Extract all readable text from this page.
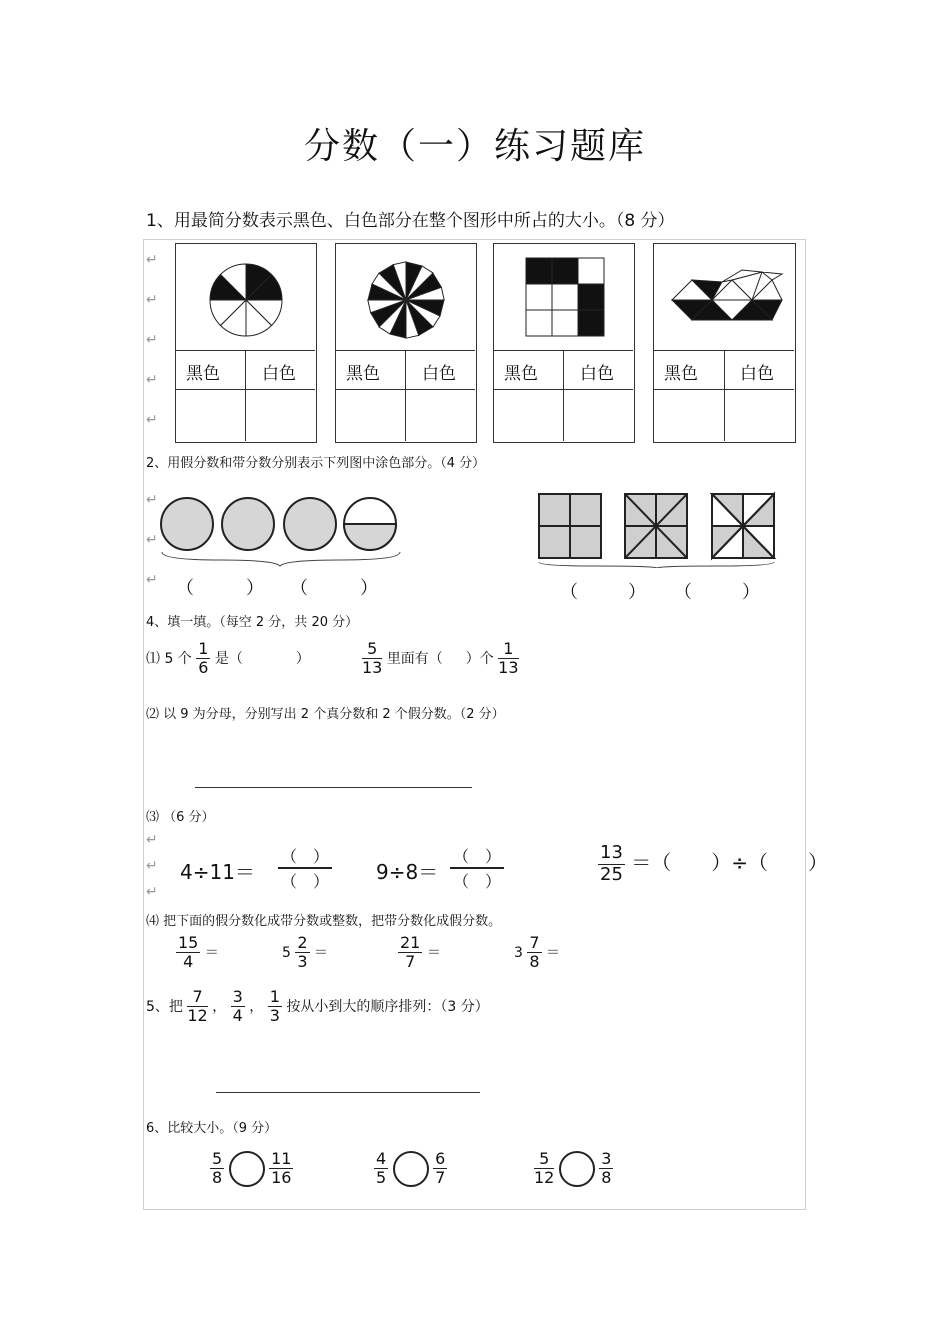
分数（一）练习题库
1、用最简分数表示黑色、白色部分在整个图形中所占的大小。（8 分）
↵
↵
↵
↵
↵
黑色 白色	黑色 白色	黑色 白色	黑色 白色
2、用假分数和带分数分别表示下列图中涂色部分。（4 分）
↵
↵
↵ （	） （	）	（	） （	）
4、填一填。（每空 2 分，共 20 分）
⑴ 5 个 $\frac{1}{6}$ 是（	）	$\frac{5}{13}$ 里面有（ ）个 $\frac{1}{13}$
⑵ 以 9 为分母，分别写出 2 个真分数和 2 个假分数。（2 分）
⑶ （6 分）
↵
↵
↵
4÷11＝
（　）
（　） 9÷8＝
（　）
（　）	$\frac{13}{25}$ ＝（　　）÷（　　）
⑷ 把下面的假分数化成带分数或整数，把带分数化成假分数。
$\frac{15}{4}$ ＝	$5 \frac{2}{3}$ ＝	$\frac{21}{7}$ ＝	$3 \frac{7}{8}$ ＝
5、把 $\frac{7}{12}$ ， $\frac{3}{4}$ ， $\frac{1}{3}$ 按从小到大的顺序排列：（3 分）
6、比较大小。（9 分）
$\frac{5}{8}$
	$\frac{11}{16}$	$\frac{4}{5}$
	$\frac{6}{7}$	$\frac{5}{12}$
	$\frac{3}{8}$
